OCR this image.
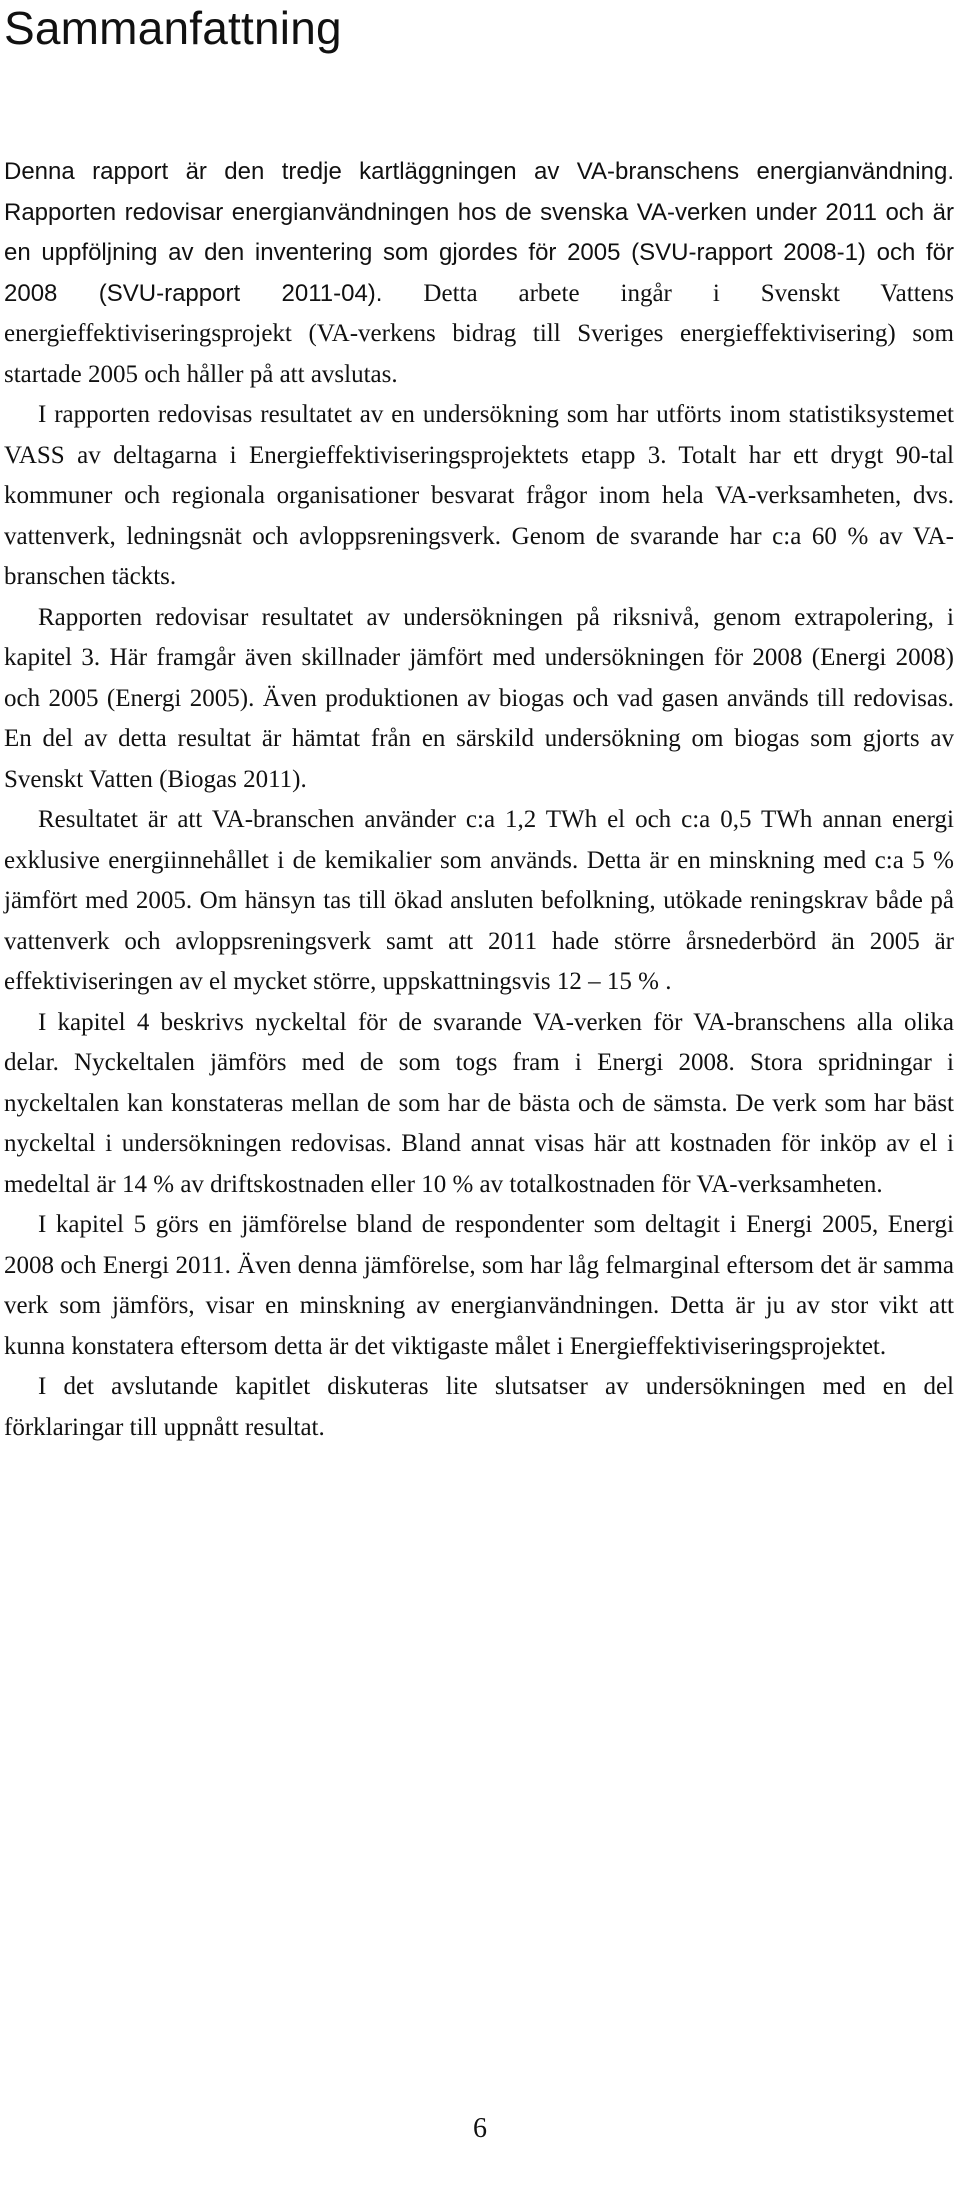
Sammanfattning

Denna rapport är den tredje kartläggningen av VA-branschens energianvändning. Rapporten redovisar energianvändningen hos de svenska VA-verken under 2011 och är en uppföljning av den inventering som gjordes för 2005 (SVU-rapport 2008-1) och för 2008 (SVU-rapport 2011-04). Detta arbete ingår i Svenskt Vattens energieffektiviseringsprojekt (VA-verkens bidrag till Sveriges energieffektivisering) som startade 2005 och håller på att avslutas.

I rapporten redovisas resultatet av en undersökning som har utförts inom statistiksystemet VASS av deltagarna i Energieffektiviseringsprojektets etapp 3. Totalt har ett drygt 90-tal kommuner och regionala organisationer besvarat frågor inom hela VA-verksamheten, dvs. vattenverk, ledningsnät och avloppsreningsverk. Genom de svarande har c:a 60 % av VA-branschen täckts.

Rapporten redovisar resultatet av undersökningen på riksnivå, genom extrapolering, i kapitel 3. Här framgår även skillnader jämfört med undersökningen för 2008 (Energi 2008) och 2005 (Energi 2005). Även produktionen av biogas och vad gasen används till redovisas. En del av detta resultat är hämtat från en särskild undersökning om biogas som gjorts av Svenskt Vatten (Biogas 2011).

Resultatet är att VA-branschen använder c:a 1,2 TWh el och c:a 0,5 TWh annan energi exklusive energiinnehållet i de kemikalier som används. Detta är en minskning med c:a 5 % jämfört med 2005. Om hänsyn tas till ökad ansluten befolkning, utökade reningskrav både på vattenverk och avloppsreningsverk samt att 2011 hade större årsnederbörd än 2005 är effektiviseringen av el mycket större, uppskattningsvis 12 – 15 % .

I kapitel 4 beskrivs nyckeltal för de svarande VA-verken för VA-branschens alla olika delar. Nyckeltalen jämförs med de som togs fram i Energi 2008. Stora spridningar i nyckeltalen kan konstateras mellan de som har de bästa och de sämsta. De verk som har bäst nyckeltal i undersökningen redovisas. Bland annat visas här att kostnaden för inköp av el i medeltal är 14 % av driftskostnaden eller 10 % av totalkostnaden för VA-verksamheten.

I kapitel 5 görs en jämförelse bland de respondenter som deltagit i Energi 2005, Energi 2008 och Energi 2011. Även denna jämförelse, som har låg felmarginal eftersom det är samma verk som jämförs, visar en minskning av energianvändningen. Detta är ju av stor vikt att kunna konstatera eftersom detta är det viktigaste målet i Energieffektiviseringsprojektet.

I det avslutande kapitlet diskuteras lite slutsatser av undersökningen med en del förklaringar till uppnått resultat.

6
